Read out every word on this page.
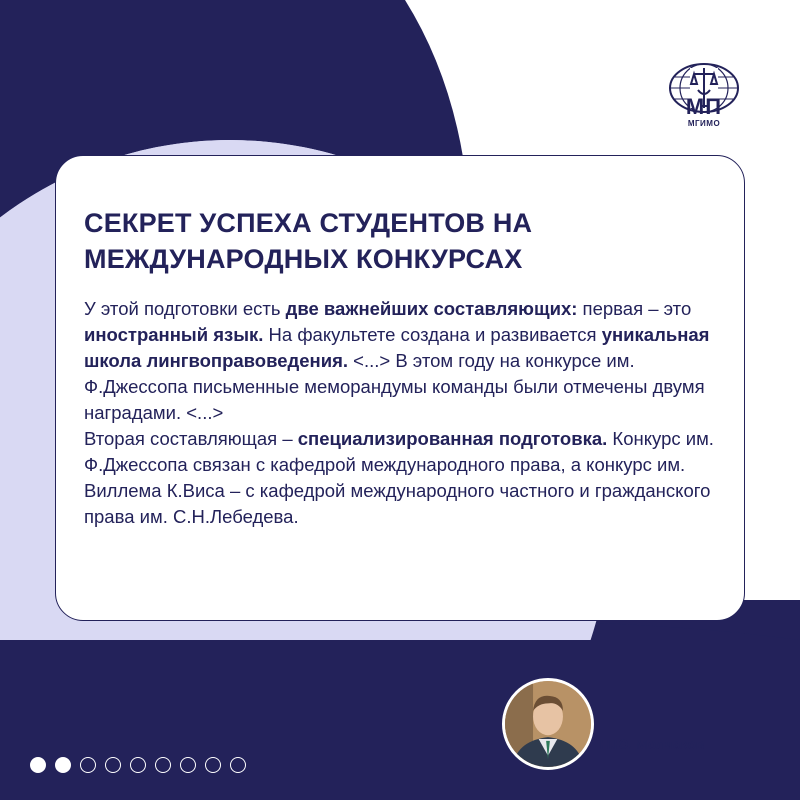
МП
МГИМО
СЕКРЕТ УСПЕХА СТУДЕНТОВ НА
МЕЖДУНАРОДНЫХ КОНКУРСАХ

У этой подготовки есть две важнейших составляющих: первая – это иностранный язык. На факультете создана и развивается уникальная школа лингвоправоведения. <...> В этом году на конкурсе им. Ф.Джессопа письменные меморандумы команды были отмечены двумя наградами. <...>

Вторая составляющая – специализированная подготовка. Конкурс им. Ф.Джессопа связан с кафедрой международного права, а конкурс им. Виллема К.Виса – с кафедрой международного частного и гражданского права им. С.Н.Лебедева.

Н.Ю. Молчаков
